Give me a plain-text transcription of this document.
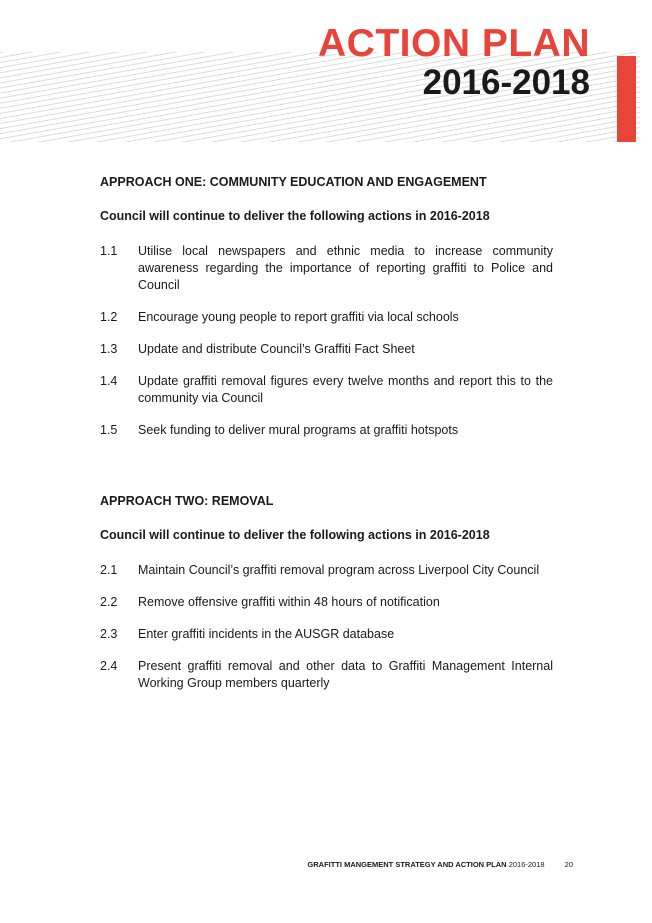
ACTION PLAN
2016-2018
APPROACH ONE: COMMUNITY EDUCATION AND ENGAGEMENT

Council will continue to deliver the following actions in 2016-2018

1.1	Utilise local newspapers and ethnic media to increase community awareness regarding the importance of reporting graffiti to Police and Council
1.2	Encourage young people to report graffiti via local schools
1.3	Update and distribute Council’s Graffiti Fact Sheet
1.4	Update graffiti removal figures every twelve months and report this to the community via Council
1.5	Seek funding to deliver mural programs at graffiti hotspots
APPROACH TWO: REMOVAL

Council will continue to deliver the following actions in 2016-2018

2.1	Maintain Council’s graffiti removal program across Liverpool City Council
2.2	Remove offensive graffiti within 48 hours of notification
2.3	Enter graffiti incidents in the AUSGR database
2.4	Present graffiti removal and other data to Graffiti Management Internal Working Group members quarterly
GRAFITTI MANGEMENT STRATEGY AND ACTION PLAN 2016-2018	20
